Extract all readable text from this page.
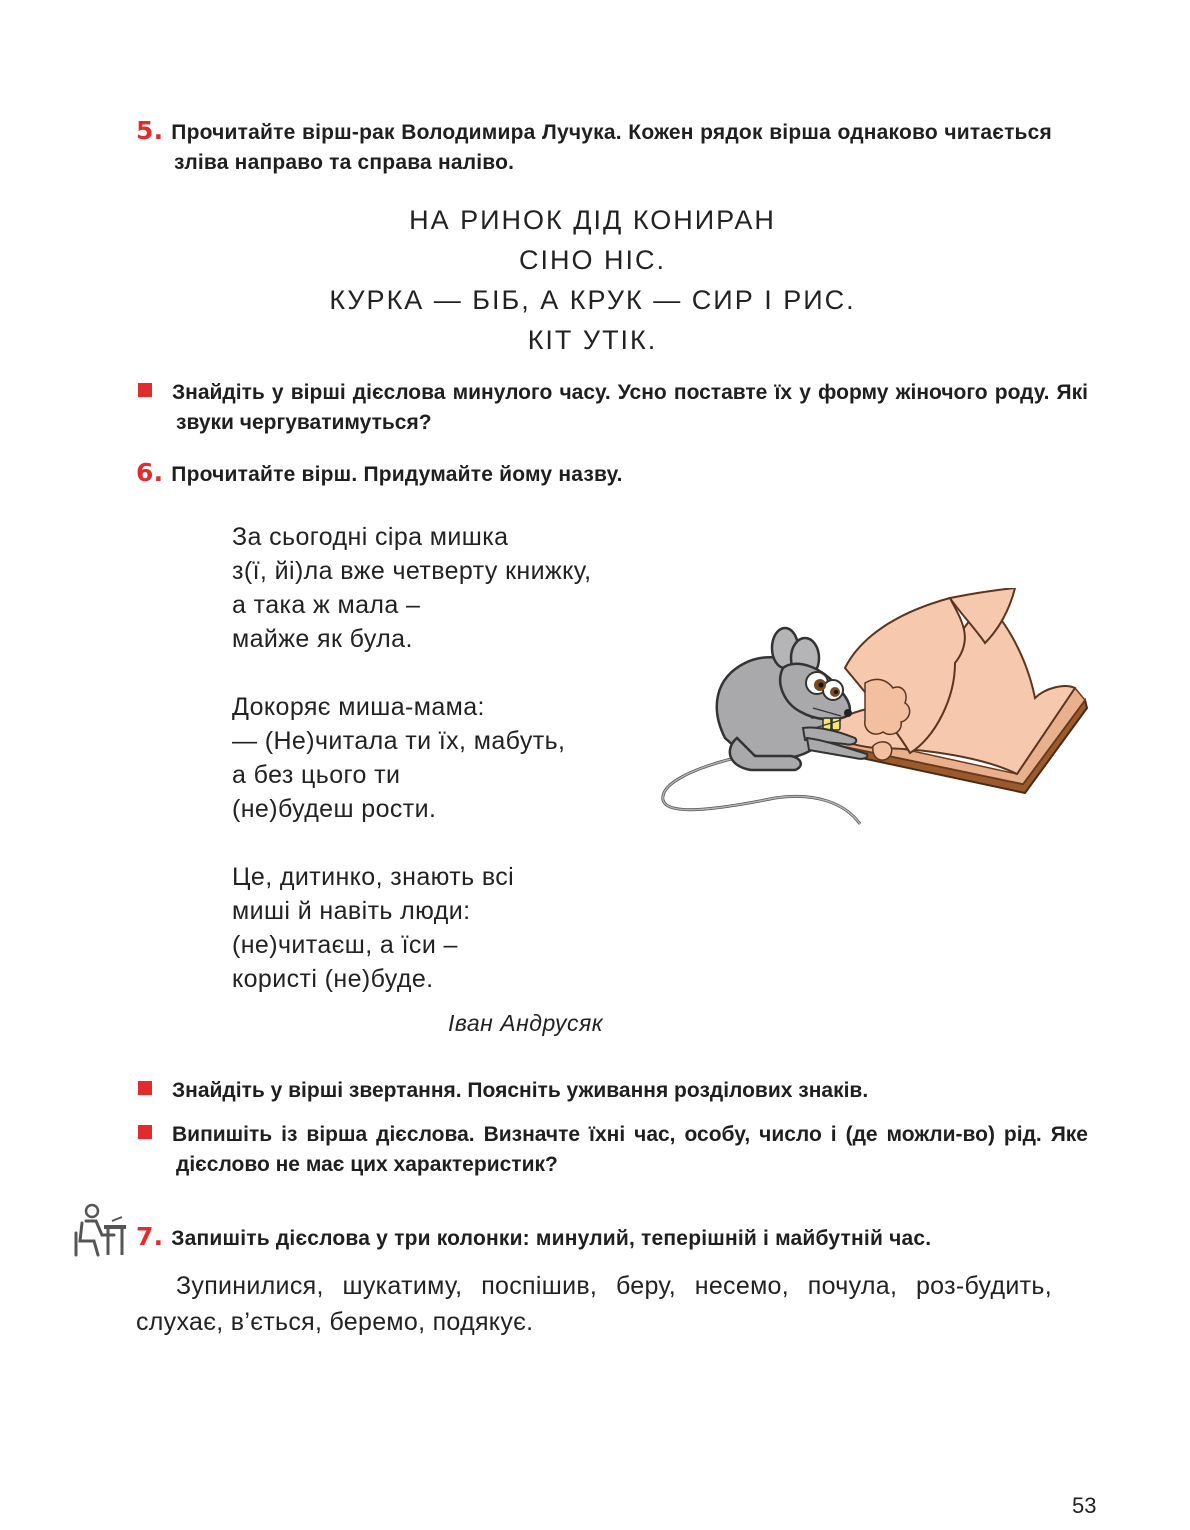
5. Прочитайте вірш-рак Володимира Лучука. Кожен рядок вірша однаково читається зліва направо та справа наліво.
НА РИНОК ДІД КОНИРАН
СІНО НІС.
КУРКА — БІБ, А КРУК — СИР І РИС.
КІТ УТІК.
Знайдіть у вірші дієслова минулого часу. Усно поставте їх у форму жіночого роду. Які звуки чергуватимуться?
6. Прочитайте вірш. Придумайте йому назву.
За сьогодні сіра мишка
з(ї, йі)ла вже четверту книжку,
а така ж мала –
майже як була.
Докоряє миша-мама:
— (Не)читала ти їх, мабуть,
а без цього ти
(не)будеш рости.
Це, дитинко, знають всі
миші й навіть люди:
(не)читаєш, а їси –
користі (не)буде.
Іван Андрусяк
Знайдіть у вірші звертання. Поясніть уживання розділових знаків.
Випишіть із вірша дієслова. Визначте їхні час, особу, число і (де можли-во) рід. Яке дієслово не має цих характеристик?
7. Запишіть дієслова у три колонки: минулий, теперішній і майбутній час.
Зупинилися, шукатиму, поспішив, беру, несемо, почула, роз-будить, слухає, в’ється, беремо, подякує.
53
